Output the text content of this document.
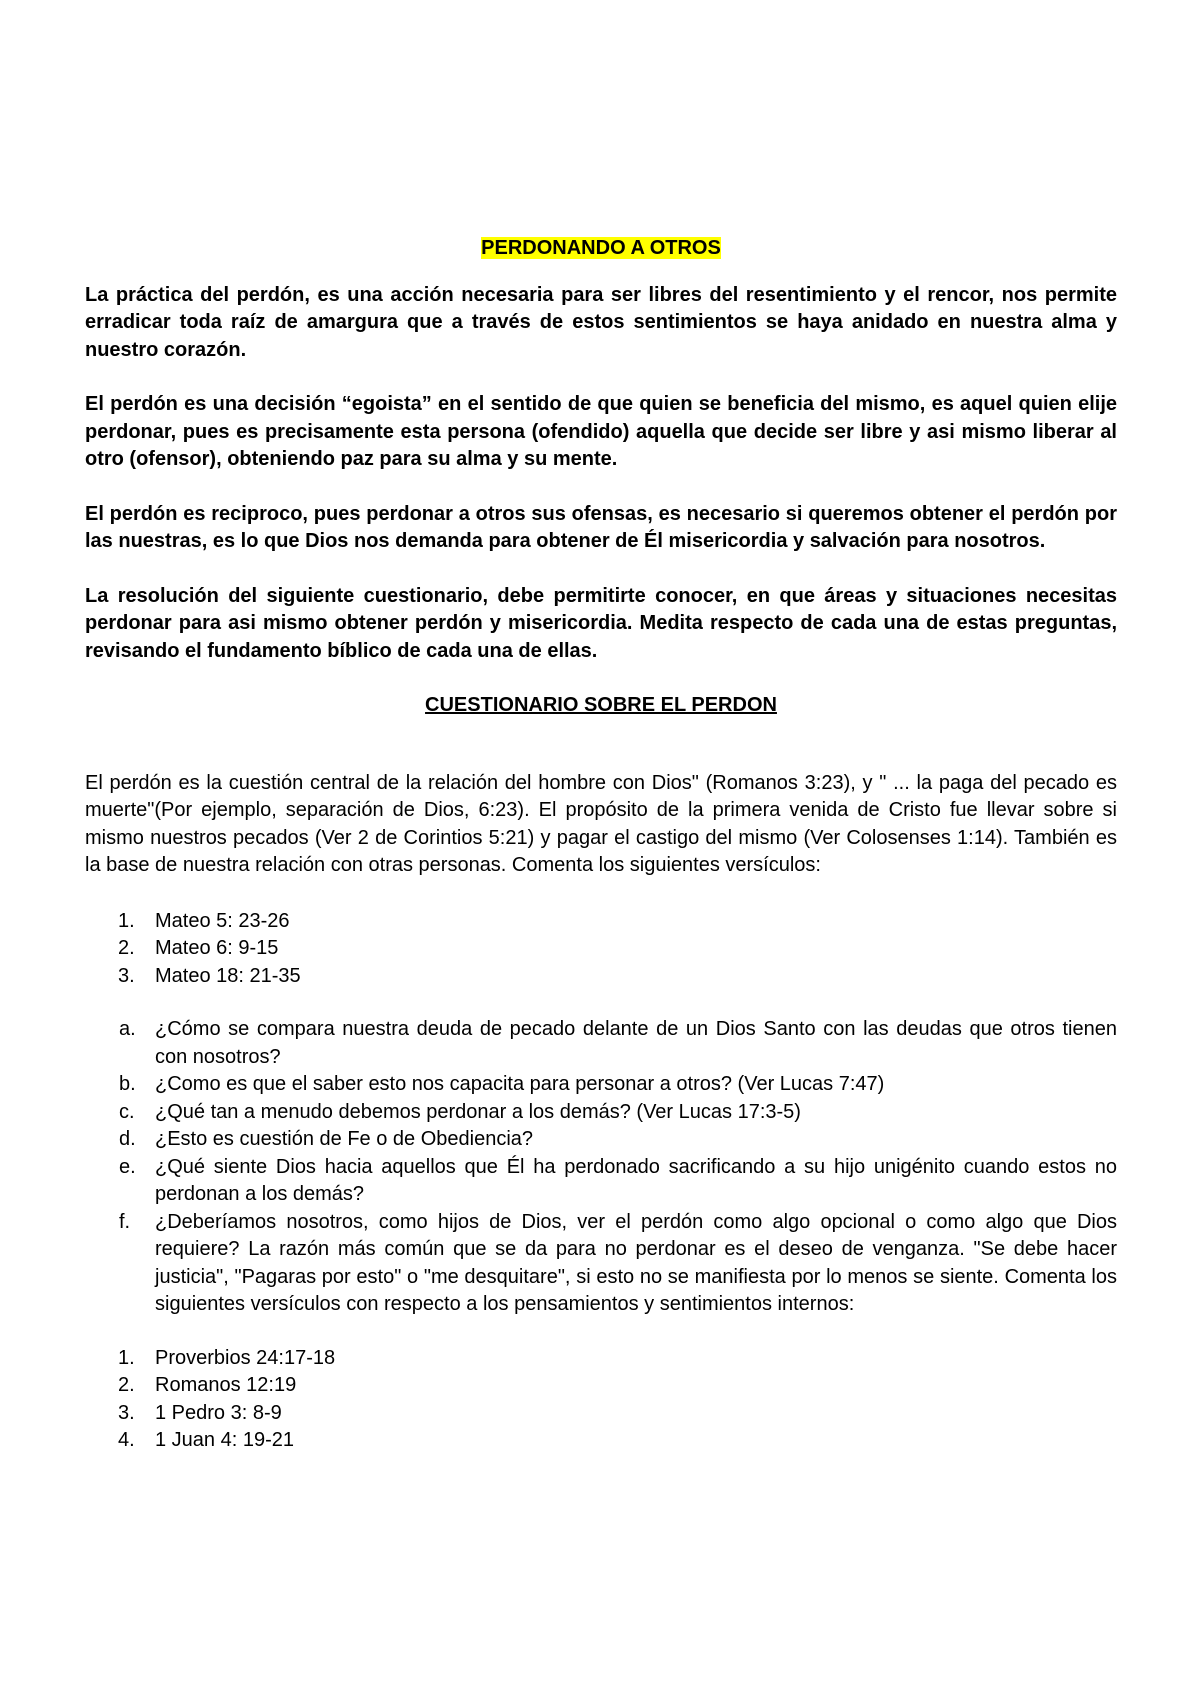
PERDONANDO A OTROS

La práctica del perdón, es una acción necesaria para ser libres del resentimiento y el rencor, nos permite erradicar toda raíz de amargura que a través de estos sentimientos se haya anidado en nuestra alma y nuestro corazón.

El perdón es una decisión “egoista” en el sentido de que quien se beneficia del mismo, es aquel quien elije perdonar, pues es precisamente esta persona (ofendido) aquella que decide ser libre y asi mismo liberar al otro (ofensor), obteniendo paz para su alma y su mente.

El perdón es reciproco, pues perdonar a otros sus ofensas, es necesario si queremos obtener el perdón por las nuestras, es lo que Dios nos demanda para obtener de Él misericordia y salvación para nosotros.

La resolución del siguiente cuestionario, debe permitirte conocer, en que áreas y situaciones necesitas perdonar para asi mismo obtener perdón y misericordia. Medita respecto de cada una de estas preguntas, revisando el fundamento bíblico de cada una de ellas.

CUESTIONARIO SOBRE EL PERDON

El perdón es la cuestión central de la relación del hombre con Dios" (Romanos 3:23), y " ... la paga del pecado es muerte"(Por ejemplo, separación de Dios, 6:23). El propósito de la primera venida de Cristo fue llevar sobre si mismo nuestros pecados (Ver 2 de Corintios 5:21) y pagar el castigo del mismo (Ver Colosenses 1:14). También es la base de nuestra relación con otras personas. Comenta los siguientes versículos:

1.	Mateo 5: 23-26
2.	Mateo 6: 9-15
3.	Mateo 18: 21-35
a. ¿Cómo se compara nuestra deuda de pecado delante de un Dios Santo con las deudas que otros tienen con nosotros?
b. ¿Como es que el saber esto nos capacita para personar a otros? (Ver Lucas 7:47)
c.	¿Qué tan a menudo debemos perdonar a los demás? (Ver Lucas 17:3-5)
d. ¿Esto es cuestión de Fe o de Obediencia?
e. ¿Qué siente Dios hacia aquellos que Él ha perdonado sacrificando a su hijo unigénito cuando estos no perdonan a los demás?
f.	¿Deberíamos nosotros, como hijos de Dios, ver el perdón como algo opcional o como algo que Dios requiere? La razón más común que se da para no perdonar es el deseo de venganza. "Se debe hacer justicia", "Pagaras por esto" o "me desquitare", si esto no se manifiesta por lo menos se siente. Comenta los siguientes versículos con respecto a los pensamientos y sentimientos internos:
1.	Proverbios 24:17-18
2.	Romanos 12:19
3.	1 Pedro 3: 8-9
4.	1 Juan 4: 19-21
